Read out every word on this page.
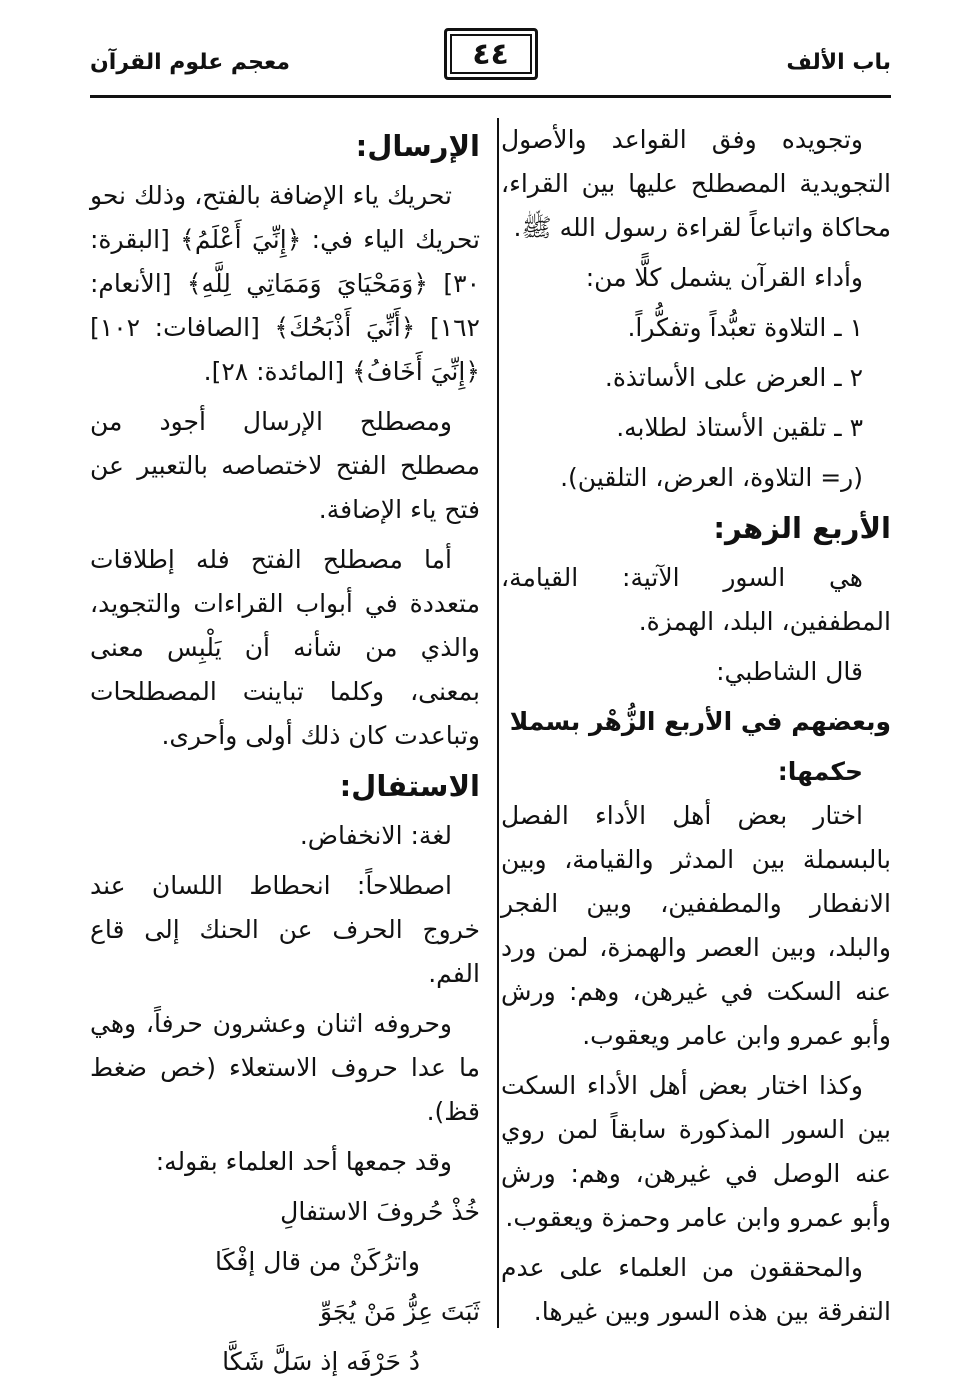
باب الألف
٤٤
معجم علوم القرآن

وتجويده وفق القواعد والأصول التجويدية المصطلح عليها بين القراء، محاكاة واتباعاً لقراءة رسول الله ﷺ.

وأداء القرآن يشمل كلًّا من:

١ ـ التلاوة تعبُّداً وتفكُّراً.
٢ ـ العرض على الأساتذة.
٣ ـ تلقين الأستاذ لطلابه.
(ر= التلاوة، العرض، التلقين).
الأربع الزهر:

هي السور الآتية: القيامة، المطففين، البلد، الهمزة.

قال الشاطبي:

وبعضهم في الأربع الزُّهْر بسملا

حكمها:

اختار بعض أهل الأداء الفصل بالبسملة بين المدثر والقيامة، وبين الانفطار والمطففين، وبين الفجر والبلد، وبين العصر والهمزة، لمن ورد عنه السكت في غيرهن، وهم: ورش وأبو عمرو وابن عامر ويعقوب.

وكذا اختار بعض أهل الأداء السكت بين السور المذكورة سابقاً لمن روي عنه الوصل في غيرهن، وهم: ورش وأبو عمرو وابن عامر وحمزة ويعقوب.

والمحققون من العلماء على عدم التفرقة بين هذه السور وبين غيرها.

الإرسال:

تحريك ياء الإضافة بالفتح، وذلك نحو تحريك الياء في: ﴿إِنِّيَ أَعْلَمُ﴾ [البقرة: ٣٠] ﴿وَمَحْيَايَ وَمَمَاتِي لِلَّهِ﴾ [الأنعام: ١٦٢] ﴿أَنِّيَ أَذْبَحُكَ﴾ [الصافات: ١٠٢] ﴿إِنِّيَ أَخَافُ﴾ [المائدة: ٢٨].

ومصطلح الإرسال أجود من مصطلح الفتح لاختصاصه بالتعبير عن فتح ياء الإضافة.

أما مصطلح الفتح فله إطلاقات متعددة في أبواب القراءات والتجويد، والذي من شأنه أن يَلْبِس معنى بمعنى، وكلما تباينت المصطلحات وتباعدت كان ذلك أولى وأحرى.

الاستفال:

لغة: الانخفاض.

اصطلاحاً: انحطاط اللسان عند خروج الحرف عن الحنك إلى قاع الفم.

وحروفه اثنان وعشرون حرفاً، وهي ما عدا حروف الاستعلاء (خص ضغط قظ).

وقد جمعها أحد العلماء بقوله:

خُذْ حُروفَ الاستفالِ
واترُكَنْ من قال إفْكَا
ثَبَتَ عِزُّ مَنْ يُجَوِّ
دُ حَرْفَه إذ سَلَّ شَكَّا
